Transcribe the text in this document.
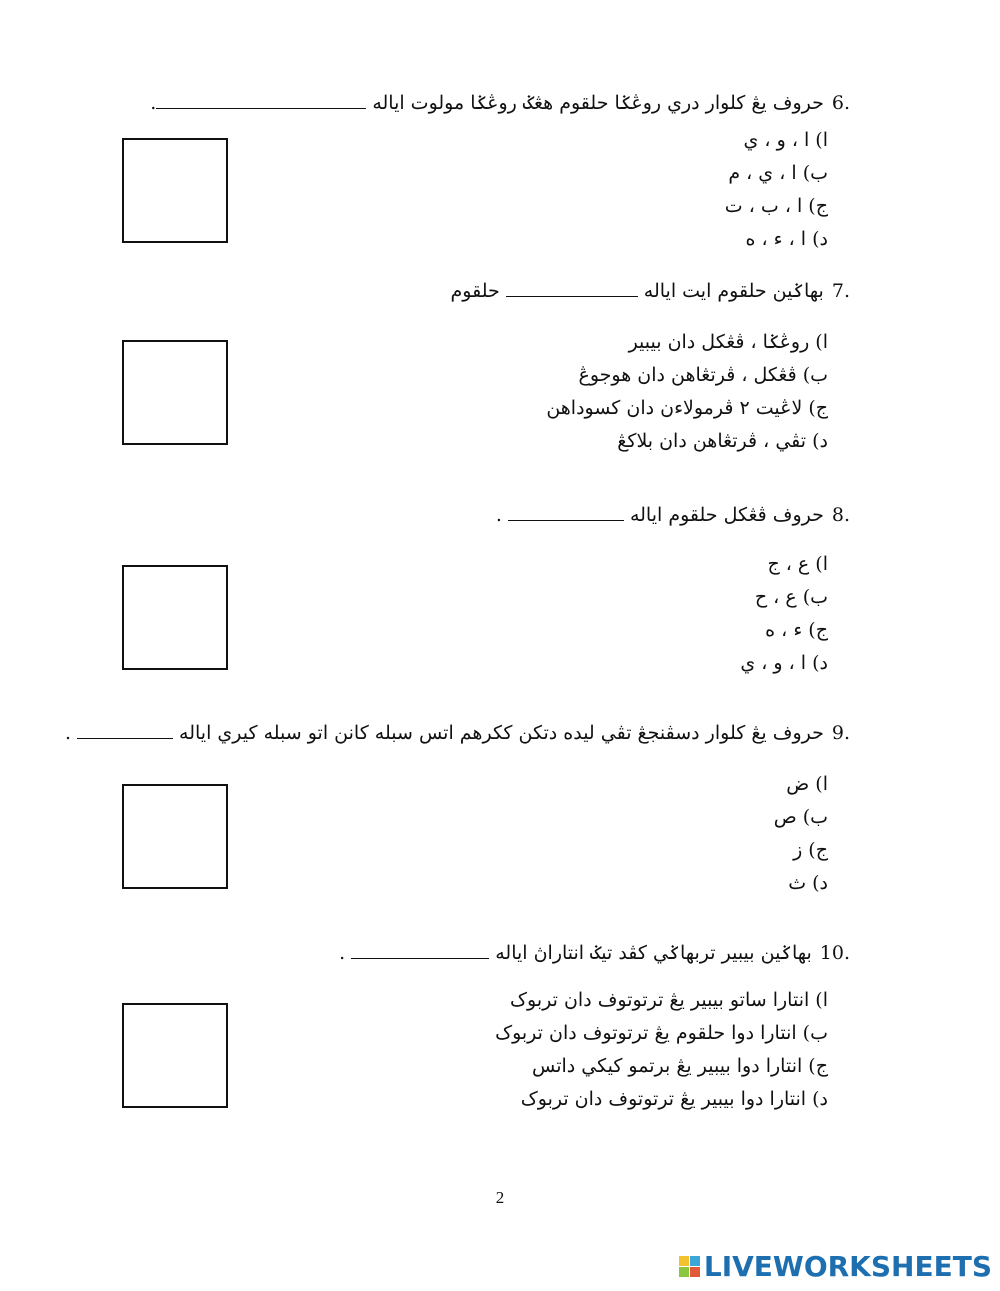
.	حروف يڠ کلوار دري روڠݢا حلقوم هڠݢ روڠݢا مولوت اياله 6.
ا) ا ، و ، ي
ب) ا ، ي ، م
ج) ا ، ب ، ت
د) ا ، ء ، ه
حلقوم	بهاݢين حلقوم ايت اياله 7.
ا) روڠݢا ، ڤڠکل دان بيبير
ب) ڤڠکل ، ڤرتڠاهن دان هوجوڠ
ج) لاڠيت ٢ ڤرمولاءن دان کسوداهن
د) تڤي ، ڤرتڠاهن دان بلاکڠ
.	حروف ڤڠکل حلقوم اياله 8.
ا) ع ، ج
ب) ع ، ح
ج) ء ، ه
د) ا ، و ، ي
.	حروف يڠ کلوار دسڤنجڠ تڤي ليده دتکن ککرهم اتس سبله کانن اتو سبله کيري اياله 9.
ا) ض
ب) ص
ج) ز
د) ث
.	بهاݢين بيبير تربهاݢي کڤد تيݢ انتاراڽ اياله 10.
ا) انتارا ساتو بيبير يڠ ترتوتوف دان تربوک
ب) انتارا دوا حلقوم يڠ ترتوتوف دان تربوک
ج) انتارا دوا بيبير يڠ برتمو کيکي داتس
د) انتارا دوا بيبير يڠ ترتوتوف دان تربوک
2
LIVEWORKSHEETS
